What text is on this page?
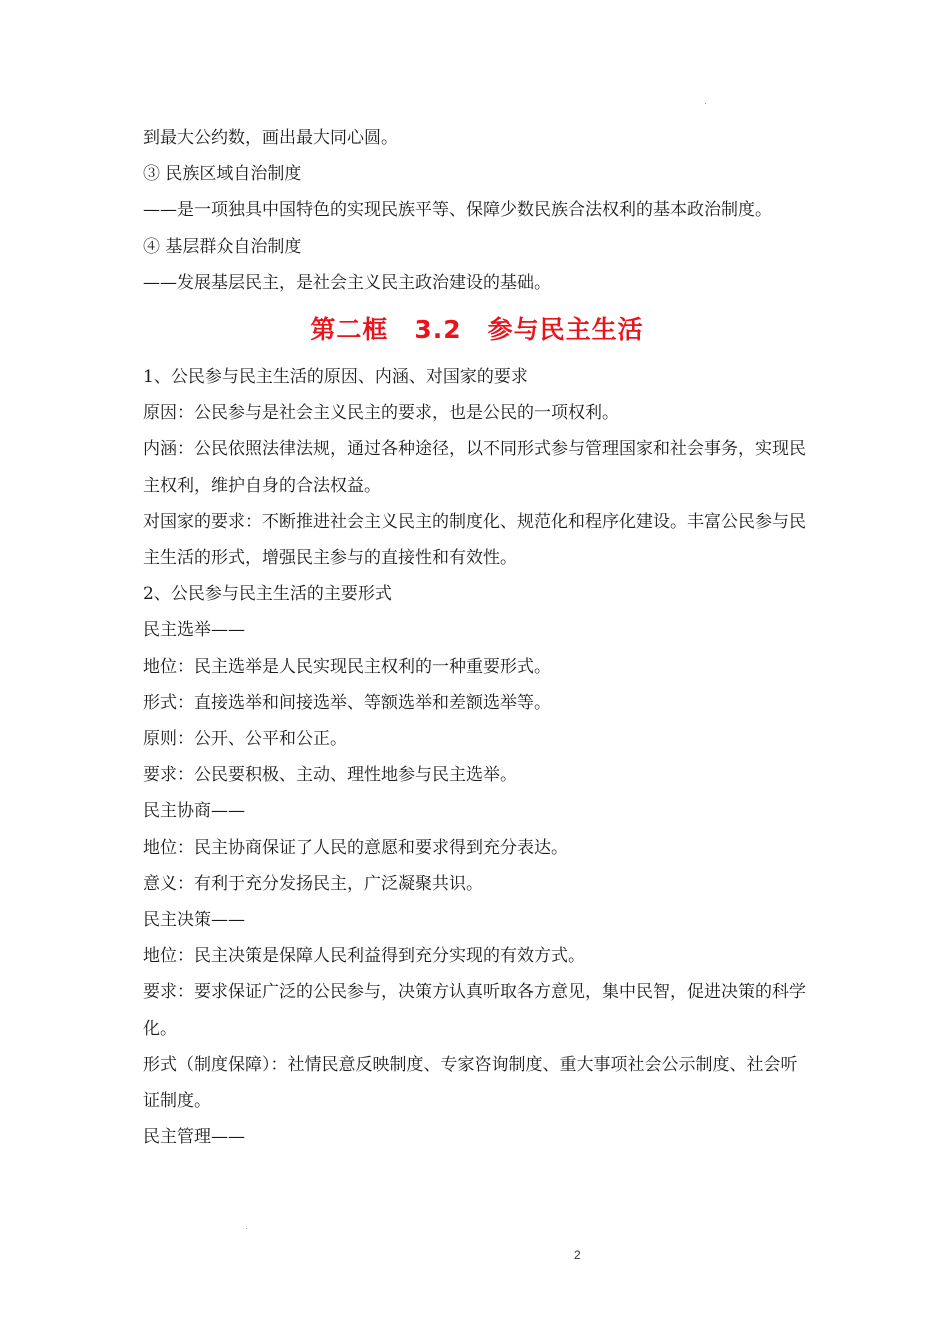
到最大公约数，画出最大同心圆。

③ 民族区域自治制度

——是一项独具中国特色的实现民族平等、保障少数民族合法权利的基本政治制度。

④ 基层群众自治制度

——发展基层民主，是社会主义民主政治建设的基础。

第二框　3.2　参与民主生活

1、公民参与民主生活的原因、内涵、对国家的要求

原因：公民参与是社会主义民主的要求，也是公民的一项权利。

内涵：公民依照法律法规，通过各种途径，以不同形式参与管理国家和社会事务，实现民主权利，维护自身的合法权益。

对国家的要求：不断推进社会主义民主的制度化、规范化和程序化建设。丰富公民参与民主生活的形式，增强民主参与的直接性和有效性。

2、公民参与民主生活的主要形式

民主选举——

地位：民主选举是人民实现民主权利的一种重要形式。

形式：直接选举和间接选举、等额选举和差额选举等。

原则：公开、公平和公正。

要求：公民要积极、主动、理性地参与民主选举。

民主协商——

地位：民主协商保证了人民的意愿和要求得到充分表达。

意义：有利于充分发扬民主，广泛凝聚共识。

民主决策——

地位：民主决策是保障人民利益得到充分实现的有效方式。

要求：要求保证广泛的公民参与，决策方认真听取各方意见，集中民智，促进决策的科学化。

形式（制度保障）：社情民意反映制度、专家咨询制度、重大事项社会公示制度、社会听证制度。

民主管理——

2
